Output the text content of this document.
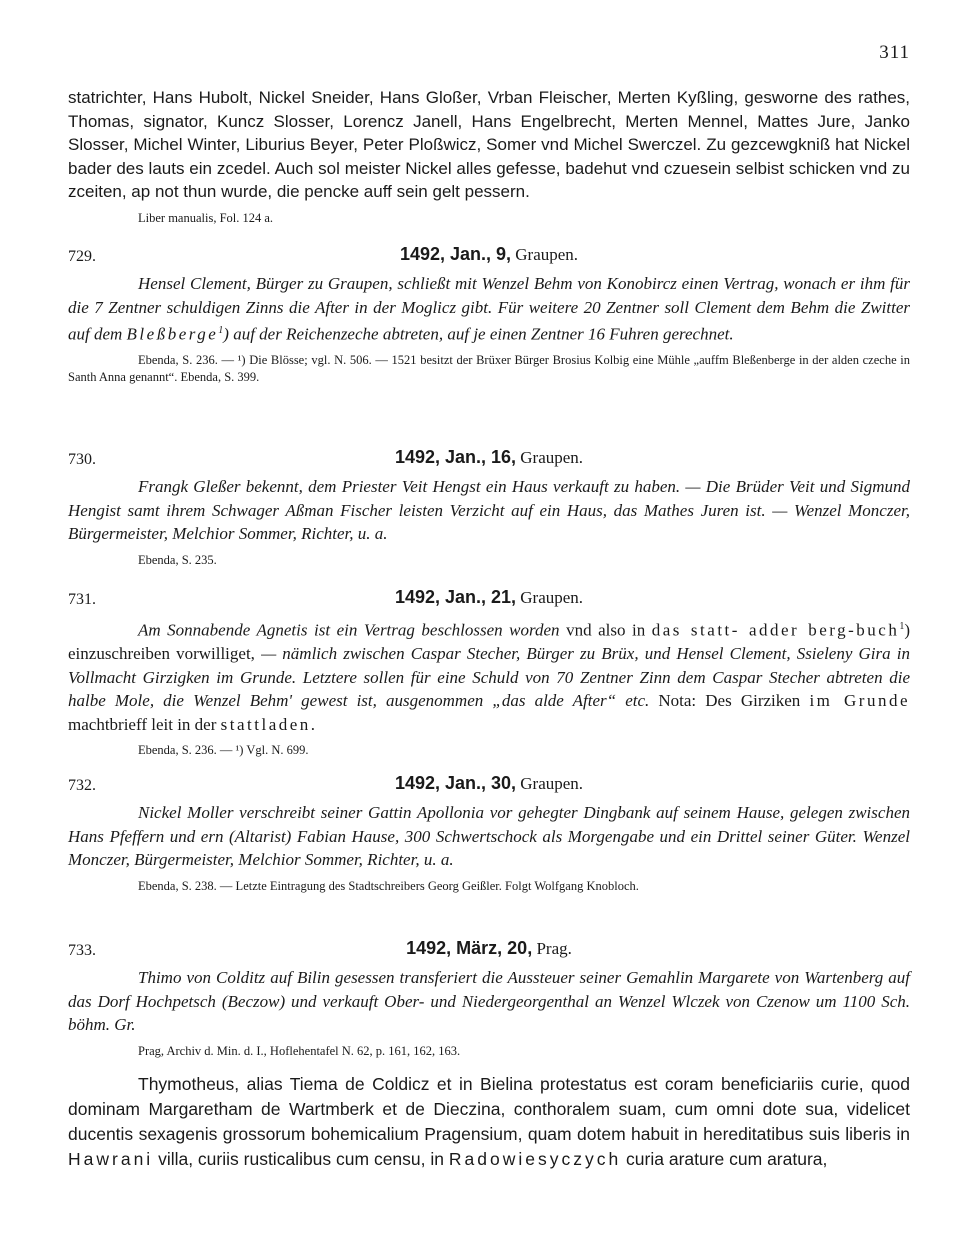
311
statrichter, Hans Hubolt, Nickel Sneider, Hans Gloßer, Vrban Fleischer, Merten Kyßling, gesworne des rathes, Thomas, signator, Kuncz Slosser, Lorencz Janell, Hans Engelbrecht, Merten Mennel, Mattes Jure, Janko Slosser, Michel Winter, Liburius Beyer, Peter Ploßwicz, Somer vnd Michel Swerczel. Zu gezcewgkniß hat Nickel bader des lauts ein zcedel. Auch sol meister Nickel alles gefesse, badehut vnd czuesein selbist schicken vnd zu zceiten, ap not thun wurde, die pencke auff sein gelt pessern.
Liber manualis, Fol. 124 a.
729.	1492, Jan., 9, Graupen.

Hensel Clement, Bürger zu Graupen, schließt mit Wenzel Behm von Konobircz einen Vertrag, wonach er ihm für die 7 Zentner schuldigen Zinns die After in der Moglicz gibt. Für weitere 20 Zentner soll Clement dem Behm die Zwitter auf dem Bleßberge$^1$) auf der Reichenzeche abtreten, auf je einen Zentner 16 Fuhren gerechnet.

Ebenda, S. 236. — ¹) Die Blösse; vgl. N. 506. — 1521 besitzt der Brüxer Bürger Brosius Kolbig eine Mühle „auffm Bleßenberge in der alden czeche in Santh Anna genannt“. Ebenda, S. 399.
730.	1492, Jan., 16, Graupen.

Frangk Gleßer bekennt, dem Priester Veit Hengst ein Haus verkauft zu haben. — Die Brüder Veit und Sigmund Hengist samt ihrem Schwager Aßman Fischer leisten Verzicht auf ein Haus, das Mathes Juren ist. — Wenzel Monczer, Bürgermeister, Melchior Sommer, Richter, u. a.

Ebenda, S. 235.
731.	1492, Jan., 21, Graupen.

Am Sonnabende Agnetis ist ein Vertrag beschlossen worden vnd also in das statt- adder berg-buch$^1$) einzuschreiben vorwilliget, — nämlich zwischen Caspar Stecher, Bürger zu Brüx, und Hensel Clement, Ssieleny Gira in Vollmacht Girzigken im Grunde. Letztere sollen für eine Schuld von 70 Zentner Zinn dem Caspar Stecher abtreten die halbe Mole, die Wenzel Behm' gewest ist, ausgenommen „das alde After“ etc. Nota: Des Girziken im Grunde machtbrieff leit in der stattladen.

Ebenda, S. 236. — ¹) Vgl. N. 699.
732.	1492, Jan., 30, Graupen.

Nickel Moller verschreibt seiner Gattin Apollonia vor gehegter Dingbank auf seinem Hause, gelegen zwischen Hans Pfeffern und ern (Altarist) Fabian Hause, 300 Schwertschock als Morgengabe und ein Drittel seiner Güter. Wenzel Monczer, Bürgermeister, Melchior Sommer, Richter, u. a.

Ebenda, S. 238. — Letzte Eintragung des Stadtschreibers Georg Geißler. Folgt Wolfgang Knobloch.
733.	1492, März, 20, Prag.

Thimo von Colditz auf Bilin gesessen transferiert die Aussteuer seiner Gemahlin Margarete von Wartenberg auf das Dorf Hochpetsch (Beczow) und verkauft Ober- und Niedergeorgenthal an Wenzel Wlczek von Czenow um 1100 Sch. böhm. Gr.

Prag, Archiv d. Min. d. I., Hoflehentafel N. 62, p. 161, 162, 163.
Thymotheus, alias Tiema de Coldicz et in Bielina protestatus est coram beneficiariis curie, quod dominam Margaretham de Wartmberk et de Dieczina, conthoralem suam, cum omni dote sua, videlicet ducentis sexagenis grossorum bohemicalium Pragensium, quam dotem habuit in hereditatibus suis liberis in Hawrani villa, curiis rusticalibus cum censu, in Radowiesyczych curia arature cum aratura,
